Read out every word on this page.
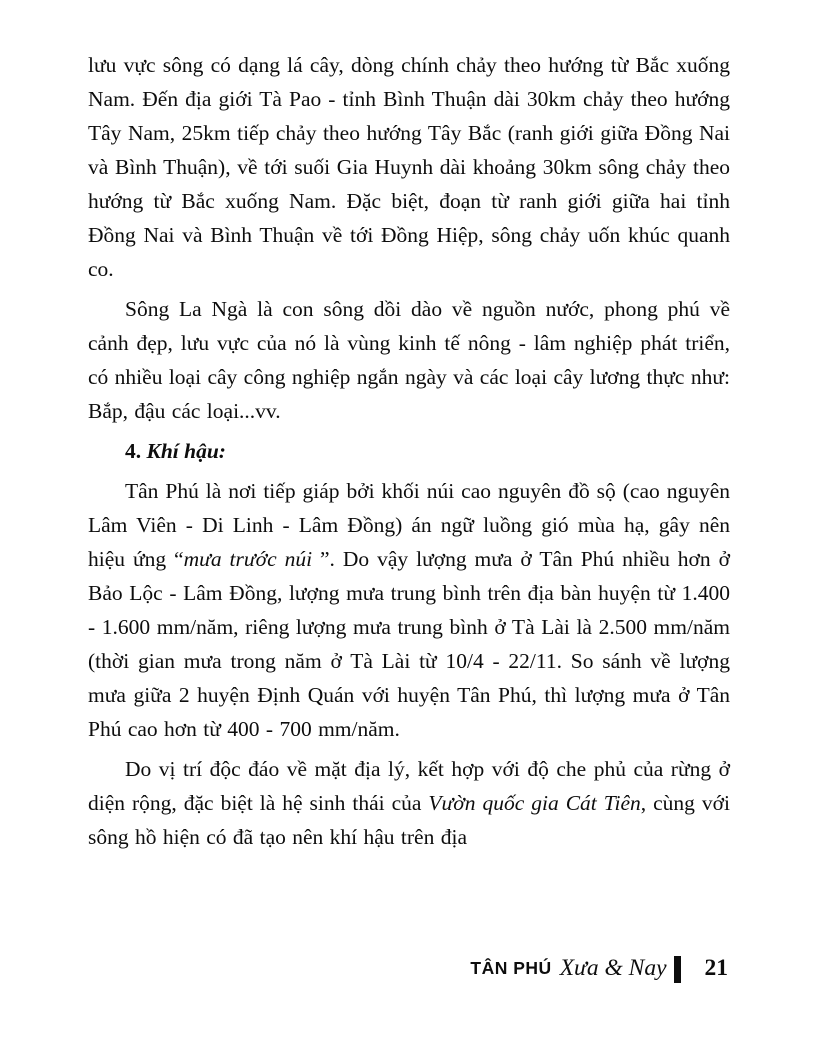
lưu vực sông có dạng lá cây, dòng chính chảy theo hướng từ Bắc xuống Nam. Đến địa giới Tà Pao - tỉnh Bình Thuận dài 30km chảy theo hướng Tây Nam, 25km tiếp chảy theo hướng Tây Bắc (ranh giới giữa Đồng Nai và Bình Thuận), về tới suối Gia Huynh dài khoảng 30km sông chảy theo hướng từ Bắc xuống Nam. Đặc biệt, đoạn từ ranh giới giữa hai tỉnh Đồng Nai và Bình Thuận về tới Đồng Hiệp, sông chảy uốn khúc quanh co.

Sông La Ngà là con sông dồi dào về nguồn nước, phong phú về cảnh đẹp, lưu vực của nó là vùng kinh tế nông - lâm nghiệp phát triển, có nhiều loại cây công nghiệp ngắn ngày và các loại cây lương thực như: Bắp, đậu các loại...vv.

4. Khí hậu:

Tân Phú là nơi tiếp giáp bởi khối núi cao nguyên đồ sộ (cao nguyên Lâm Viên - Di Linh - Lâm Đồng) án ngữ luồng gió mùa hạ, gây nên hiệu ứng “mưa trước núi ”. Do vậy lượng mưa ở Tân Phú nhiều hơn ở Bảo Lộc - Lâm Đồng, lượng mưa trung bình trên địa bàn huyện từ 1.400 - 1.600 mm/năm, riêng lượng mưa trung bình ở Tà Lài là 2.500 mm/năm (thời gian mưa trong năm ở Tà Lài từ 10/4 - 22/11. So sánh về lượng mưa giữa 2 huyện Định Quán với huyện Tân Phú, thì lượng mưa ở Tân Phú cao hơn từ 400 - 700 mm/năm.

Do vị trí độc đáo về mặt địa lý, kết hợp với độ che phủ của rừng ở diện rộng, đặc biệt là hệ sinh thái của Vườn quốc gia Cát Tiên, cùng với sông hồ hiện có đã tạo nên khí hậu trên địa

TÂN PHÚ Xưa & Nay 21
